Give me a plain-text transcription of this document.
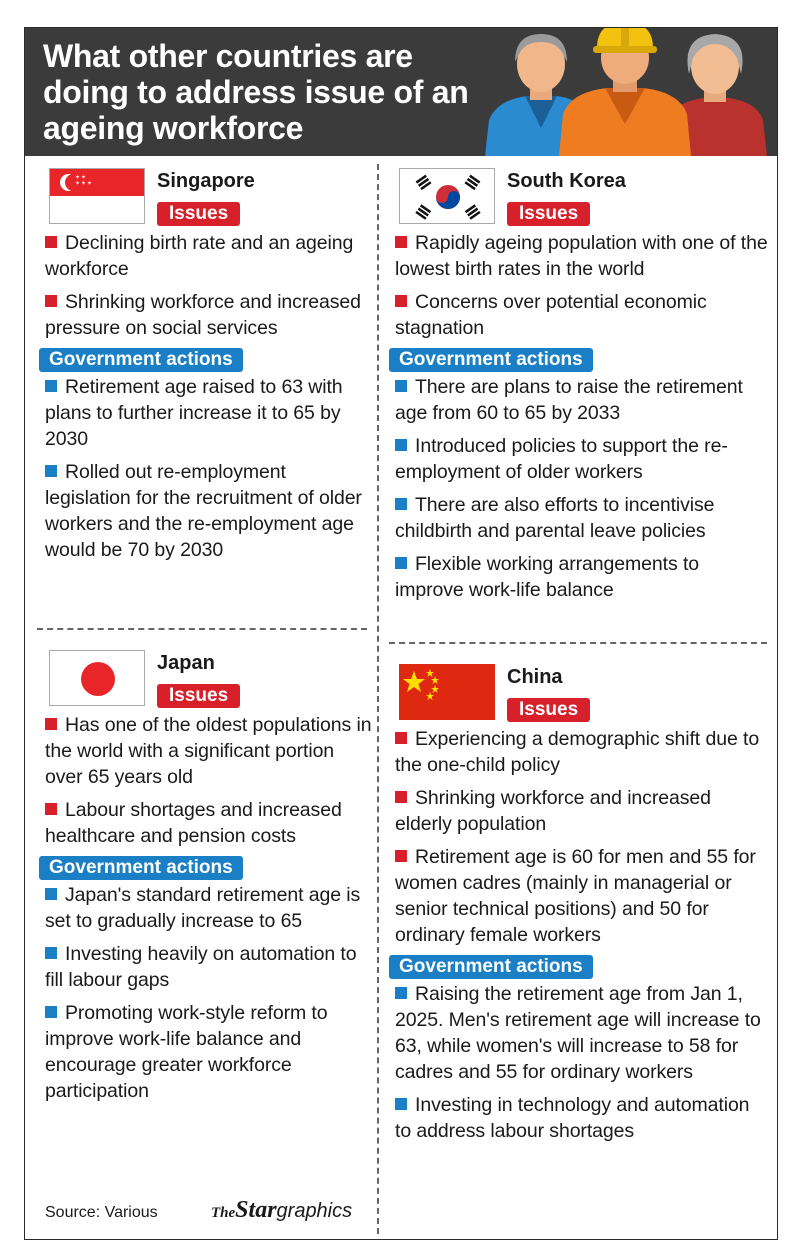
What other countries are doing to address issue of an ageing workforce
✦✦
✦✦✦	Singapore
Issues
Declining birth rate and an ageing workforce
Shrinking workforce and increased pressure on social services
Government actions
Retirement age raised to 63 with plans to further increase it to 65 by 2030
Rolled out re-employment legislation for the recruitment of older workers and the re-employment age would be 70 by 2030
South Korea
Issues
Rapidly ageing population with one of the lowest birth rates in the world
Concerns over potential economic stagnation
Government actions
There are plans to raise the retirement age from 60 to 65 by 2033
Introduced policies to support the re-employment of older workers
There are also efforts to incentivise childbirth and parental leave policies
Flexible working arrangements to improve work-life balance
Japan
Issues
Has one of the oldest populations in the world with a significant portion over 65 years old
Labour shortages and increased healthcare and pension costs
Government actions
Japan's standard retirement age is set to gradually increase to 65
Investing heavily on automation to fill labour gaps
Promoting work-style reform to improve work-life balance and encourage greater workforce participation
China
Issues
Experiencing a demographic shift due to the one-child policy
Shrinking workforce and increased elderly population
Retirement age is 60 for men and 55 for women cadres (mainly in managerial or senior technical positions) and 50 for ordinary female workers
Government actions
Raising the retirement age from Jan 1, 2025. Men's retirement age will increase to 63, while women's will increase to 58 for cadres and 55 for ordinary workers
Investing in technology and automation to address labour shortages
Source: Various	TheStargraphics
